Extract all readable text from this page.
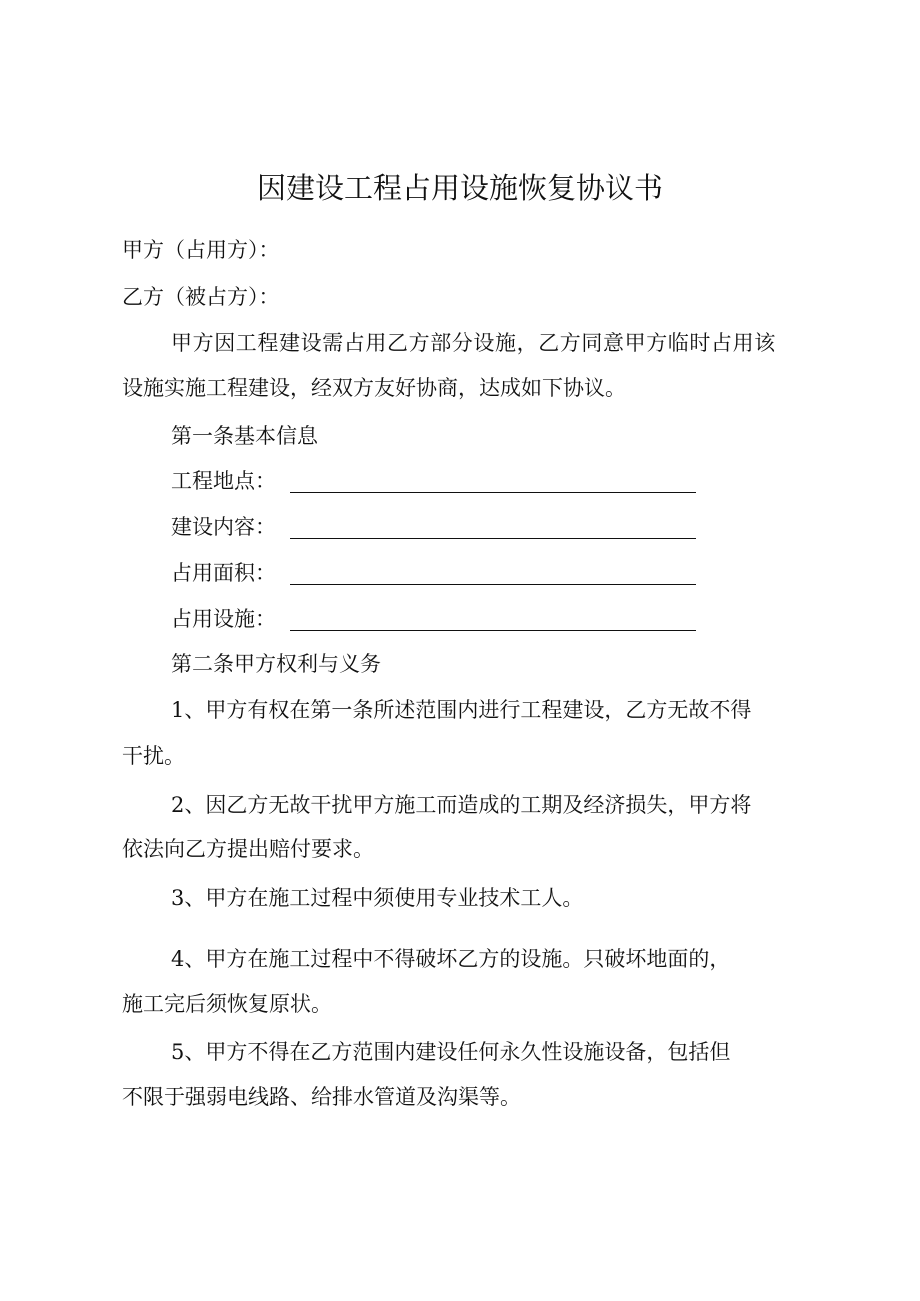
因建设工程占用设施恢复协议书

甲方（占用方）：

乙方（被占方）：

甲方因工程建设需占用乙方部分设施，乙方同意甲方临时占用该

设施实施工程建设，经双方友好协商，达成如下协议。

第一条基本信息

工程地点：
建设内容：
占用面积：
占用设施：

第二条甲方权利与义务

1、甲方有权在第一条所述范围内进行工程建设，乙方无故不得

干扰。

2、因乙方无故干扰甲方施工而造成的工期及经济损失，甲方将

依法向乙方提出赔付要求。

3、甲方在施工过程中须使用专业技术工人。

4、甲方在施工过程中不得破坏乙方的设施。只破坏地面的，

施工完后须恢复原状。

5、甲方不得在乙方范围内建设任何永久性设施设备，包括但

不限于强弱电线路、给排水管道及沟渠等。
